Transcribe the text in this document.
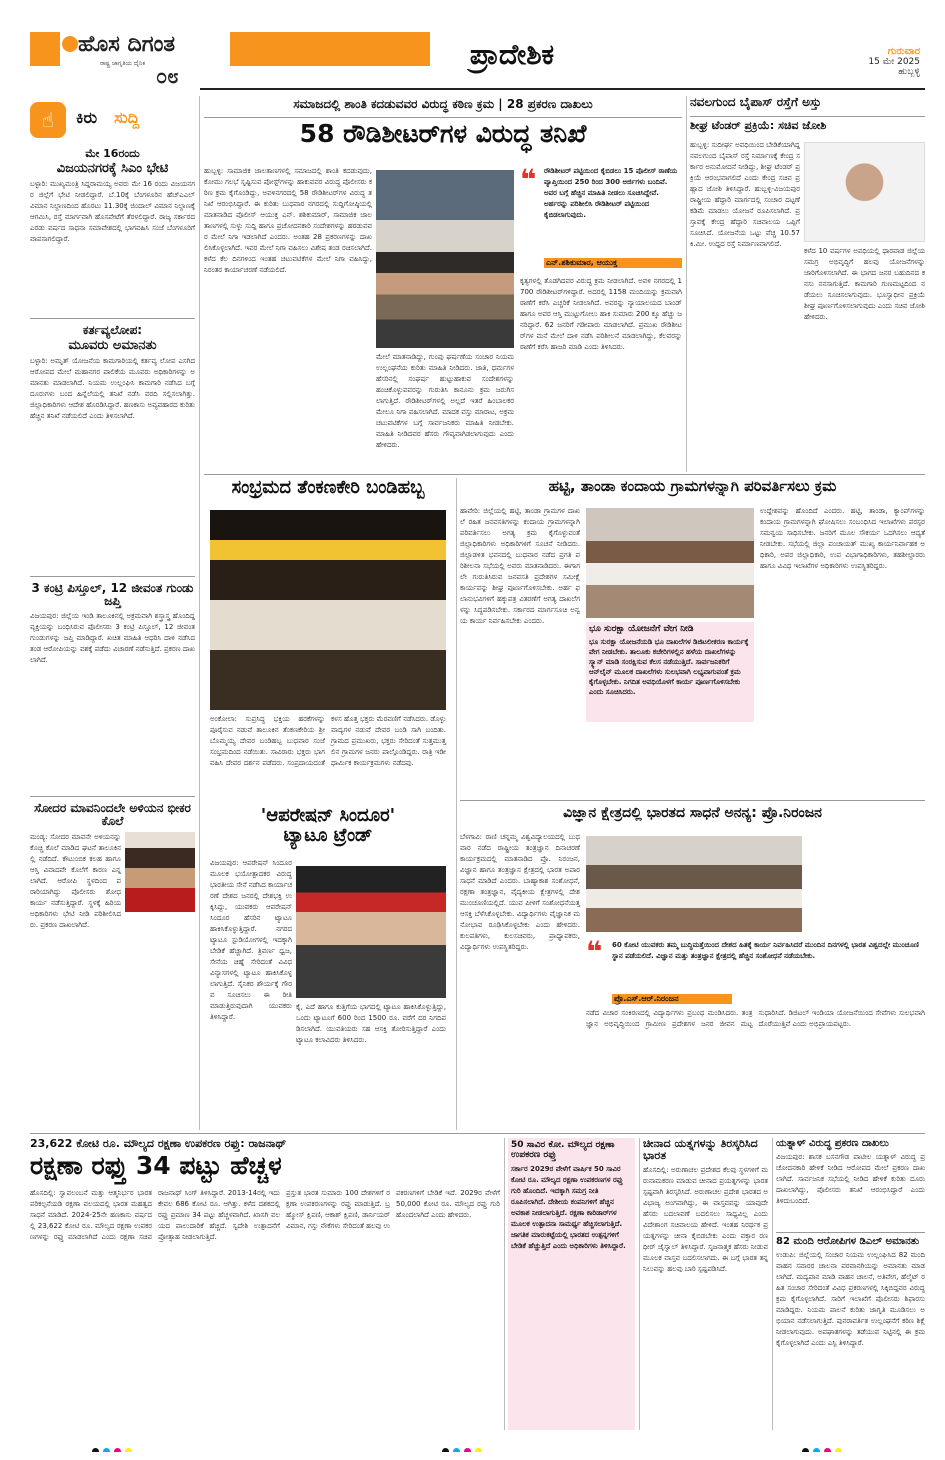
ಹೊಸ ದಿಗಂತ
ರಾಷ್ಟ್ರ ಜಾಗೃತಿಯ ದೈನಿಕ
೦೮
ಪ್ರಾದೇಶಿಕ	ಗುರುವಾರ
15 ಮೇ 2025
ಹುಬ್ಬಳ್ಳಿ
☝	ಕಿರು ಸುದ್ದಿ
ಮೇ 16ರಂದು
ವಿಜಯನಗರಕ್ಕೆ ಸಿಎಂ ಭೇಟಿ
ಬಳ್ಳಾರಿ: ಮುಖ್ಯಮಂತ್ರಿ ಸಿದ್ದರಾಮಯ್ಯ ಅವರು ಮೇ 16 ರಂದು ವಿಜಯನಗರ ಜಿಲ್ಲೆಗೆ ಭೇಟಿ ನೀಡಲಿದ್ದಾರೆ. ಬೆ.10ಕ್ಕೆ ಬೆಂಗಳೂರಿನ ಹೆಚ್‌ಎಎಲ್ ವಿಮಾನ ನಿಲ್ದಾಣದಿಂದ ಹೊರಟು 11.30ಕ್ಕೆ ಜಿಂದಾಲ್ ವಿಮಾನ ನಿಲ್ದಾಣಕ್ಕೆ ಆಗಮಿಸಿ, ರಸ್ತೆ ಮಾರ್ಗವಾಗಿ ಹೊಸಪೇಟೆಗೆ ತೆರಳಲಿದ್ದಾರೆ. ರಾಜ್ಯ ಸರ್ಕಾರದ ಎರಡು ವರ್ಷದ ಸಾಧನಾ ಸಮಾವೇಶದಲ್ಲಿ ಭಾಗವಹಿಸಿ ಸಂಜೆ ಬೆಂಗಳೂರಿಗೆ ವಾಪಸಾಗಲಿದ್ದಾರೆ.
ಕರ್ತವ್ಯಲೋಪ:
ಮೂವರು ಅಮಾನತು
ಬಳ್ಳಾರಿ: ಅಮೃತ್ ಯೋಜನೆಯ ಕಾಮಗಾರಿಯಲ್ಲಿ ಕರ್ತವ್ಯ ಲೋಪ ಎಸಗಿದ ಆರೋಪದ ಮೇಲೆ ಮಹಾನಗರ ಪಾಲಿಕೆಯ ಮೂವರು ಅಧಿಕಾರಿಗಳನ್ನು ಅಮಾನತು ಮಾಡಲಾಗಿದೆ. ನಿಯಮ ಉಲ್ಲಂಘಿಸಿ ಕಾಮಗಾರಿ ನಡೆಸಿದ ಬಗ್ಗೆ ದೂರುಗಳು ಬಂದ ಹಿನ್ನೆಲೆಯಲ್ಲಿ ತನಿಖೆ ನಡೆಸಿ ವರದಿ ಸಲ್ಲಿಸಲಾಗಿತ್ತು. ಜಿಲ್ಲಾಧಿಕಾರಿಗಳು ಆದೇಶ ಹೊರಡಿಸಿದ್ದಾರೆ. ಹಣಕಾಸು ಅವ್ಯವಹಾರದ ಕುರಿತು ಹೆಚ್ಚಿನ ತನಿಖೆ ನಡೆಯಲಿದೆ ಎಂದು ತಿಳಿಸಲಾಗಿದೆ.
3 ಕಂಟ್ರಿ ಪಿಸ್ತೂಲ್, 12 ಜೀವಂತ ಗುಂಡು ಜಪ್ತಿ
ವಿಜಯಪುರ: ಜಿಲ್ಲೆಯ ಇಂಡಿ ತಾಲೂಕಿನಲ್ಲಿ ಅಕ್ರಮವಾಗಿ ಶಸ್ತ್ರಾಸ್ತ್ರ ಹೊಂದಿದ್ದ ವ್ಯಕ್ತಿಯನ್ನು ಬಂಧಿಸಿರುವ ಪೊಲೀಸರು 3 ಕಂಟ್ರಿ ಪಿಸ್ತೂಲ್, 12 ಜೀವಂತ ಗುಂಡುಗಳನ್ನು ಜಪ್ತಿ ಮಾಡಿದ್ದಾರೆ. ಖಚಿತ ಮಾಹಿತಿ ಆಧರಿಸಿ ದಾಳಿ ನಡೆಸಿದ ತಂಡ ಆರೋಪಿಯನ್ನು ವಶಕ್ಕೆ ಪಡೆದು ವಿಚಾರಣೆ ನಡೆಸುತ್ತಿದೆ. ಪ್ರಕರಣ ದಾಖಲಾಗಿದೆ.
ಸೋದರ ಮಾವನಿಂದಲೇ ಅಳಿಯನ ಭೀಕರ ಕೊಲೆ
ಮಂಡ್ಯ: ಸೋದರ ಮಾವನೇ ಅಳಿಯನನ್ನು ಕೊಚ್ಚಿ ಕೊಲೆ ಮಾಡಿದ ಘಟನೆ ತಾಲೂಕಿನಲ್ಲಿ ನಡೆದಿದೆ. ಕೌಟುಂಬಿಕ ಕಲಹ ಹಾಗೂ ಆಸ್ತಿ ವಿವಾದವೇ ಕೊಲೆಗೆ ಕಾರಣ ಎನ್ನಲಾಗಿದೆ. ಆರೋಪಿ ಸ್ಥಳದಿಂದ ಪರಾರಿಯಾಗಿದ್ದು ಪೊಲೀಸರು ಶೋಧ ಕಾರ್ಯ ನಡೆಸುತ್ತಿದ್ದಾರೆ. ಸ್ಥಳಕ್ಕೆ ಹಿರಿಯ ಅಧಿಕಾರಿಗಳು ಭೇಟಿ ನೀಡಿ ಪರಿಶೀಲಿಸಿದರು. ಪ್ರಕರಣ ದಾಖಲಾಗಿದೆ.
ಸಮಾಜದಲ್ಲಿ ಶಾಂತಿ ಕದಡುವವರ ವಿರುದ್ಧ ಕಠಿಣ ಕ್ರಮ | 28 ಪ್ರಕರಣ ದಾಖಲು
58 ರೌಡಿಶೀಟರ್‌ಗಳ ವಿರುದ್ಧ ತನಿಖೆ
ಹುಬ್ಬಳ್ಳಿ: ಸಾಮಾಜಿಕ ಜಾಲತಾಣಗಳಲ್ಲಿ ಸಮಾಜದಲ್ಲಿ ಶಾಂತಿ ಕದಡುವುದು, ಕೋಮು ಗಲಭೆ ಸೃಷ್ಟಿಸುವ ಪೋಸ್ಟ್‌ಗಳನ್ನು ಹಾಕುವವರ ವಿರುದ್ಧ ಪೊಲೀಸರು ಕಠಿಣ ಕ್ರಮ ಕೈಗೊಂಡಿದ್ದು, ಅವಳಿನಗರದಲ್ಲಿ 58 ರೌಡಿಶೀಟರ್‌ಗಳ ವಿರುದ್ಧ ತನಿಖೆ ಆರಂಭಿಸಿದ್ದಾರೆ. ಈ ಕುರಿತು ಬುಧವಾರ ನಗರದಲ್ಲಿ ಸುದ್ದಿಗೋಷ್ಠಿಯಲ್ಲಿ ಮಾತನಾಡಿದ ಪೊಲೀಸ್ ಆಯುಕ್ತ ಎನ್. ಶಶಿಕುಮಾರ್, ಸಾಮಾಜಿಕ ಜಾಲತಾಣಗಳಲ್ಲಿ ಸುಳ್ಳು ಸುದ್ದಿ ಹಾಗೂ ಪ್ರಚೋದನಕಾರಿ ಸಂದೇಶಗಳನ್ನು ಹರಡುವವರ ಮೇಲೆ ನಿಗಾ ಇಡಲಾಗಿದೆ ಎಂದರು. ಅಂತಹ 28 ಪ್ರಕರಣಗಳನ್ನು ದಾಖಲಿಸಿಕೊಳ್ಳಲಾಗಿದೆ. ಇವರ ಮೇಲೆ ನಿಗಾ ವಹಿಸಲು ವಿಶೇಷ ತಂಡ ರಚಿಸಲಾಗಿದೆ. ಕಳೆದ ಕೆಲ ದಿನಗಳಿಂದ ಇಂತಹ ಚಟುವಟಿಕೆಗಳ ಮೇಲೆ ನಿಗಾ ವಹಿಸಿದ್ದು, ನಿರಂತರ ಕಾರ್ಯಾಚರಣೆ ನಡೆಯಲಿದೆ.
ಮೇಲೆ ಮಾತನಾಡಿದ್ದು, ಗುಂಪು ಘರ್ಷಣೆಯ ಸಂಚಾರ ನಿಯಮ ಉಲ್ಲಂಘನೆಯ ಕುರಿತು ಮಾಹಿತಿ ನೀಡಿದರು. ಜಾತಿ, ಧರ್ಮಗಳ ಹೆಸರಿನಲ್ಲಿ ಸಂಘರ್ಷ ಹುಟ್ಟುಹಾಕುವ ಸಂದೇಶಗಳನ್ನು ಹಂಚಿಕೊಳ್ಳುವವರನ್ನು ಗುರುತಿಸಿ ಕಾನೂನು ಕ್ರಮ ಜರುಗಿಸಲಾಗುತ್ತಿದೆ. ರೌಡಿಶೀಟರ್‌ಗಳಲ್ಲಿ ಅಲ್ಲದೆ ಇತರೆ ಹಿಂಬಾಲಕರ ಮೇಲೂ ನಿಗಾ ವಹಿಸಲಾಗಿದೆ. ಮಾದಕ ವಸ್ತು ಮಾರಾಟ, ಅಕ್ರಮ ಚಟುವಟಿಕೆಗಳ ಬಗ್ಗೆ ಸಾರ್ವಜನಿಕರು ಮಾಹಿತಿ ನೀಡಬೇಕು. ಮಾಹಿತಿ ನೀಡಿದವರ ಹೆಸರು ಗೌಪ್ಯವಾಗಿಡಲಾಗುವುದು ಎಂದು ಹೇಳಿದರು.
❝ ರೌಡಿಶೀಟರ್ ಪಟ್ಟಿಯಿಂದ ಕೈಬಿಡಲು 15 ಪೊಲೀಸ್ ಠಾಣೆಯ ವ್ಯಾಪ್ತಿಯಿಂದ 250 ರಿಂದ 300 ಅರ್ಜಿಗಳು ಬಂದಿವೆ. ಅವರ ಬಗ್ಗೆ ಹೆಚ್ಚಿನ ಮಾಹಿತಿ ನೀಡಲು ಸೂಚಿಸಿದ್ದೇವೆ. ಅರ್ಹರನ್ನು ಪರಿಶೀಲಿಸಿ ರೌಡಿಶೀಟರ್ ಪಟ್ಟಿಯಿಂದ ಕೈಬಿಡಲಾಗುವುದು.
ಎನ್.ಶಶಿಕುಮಾರ, ಆಯುಕ್ತ
ಕೃತ್ಯಗಳಲ್ಲಿ ತೊಡಗಿದವರ ವಿರುದ್ಧ ಕ್ರಮ ನೀಡಲಾಗಿದೆ. ಅವಳಿ ನಗರದಲ್ಲಿ 1700 ರೌಡಿಶೀಟರ್‌ಗಳಿದ್ದಾರೆ. ಅದರಲ್ಲಿ 1158 ಮಂದಿಯನ್ನು ಕ್ರಮವಾಗಿ ಠಾಣೆಗೆ ಕರೆಸಿ ಎಚ್ಚರಿಕೆ ನೀಡಲಾಗಿದೆ. ಅವರನ್ನು ನ್ಯಾಯಾಲಯದ ಬಾಂಡ್ ಹಾಗೂ ಅವರ ಆಸ್ತಿ ಮುಟ್ಟುಗೋಲು ಹಾಕಿ ಸುಮಾರು 200 ಕ್ಕೂ ಹೆಚ್ಚು ಜನರಿದ್ದಾರೆ. 62 ಜನರಿಗೆ ಗಡೀಪಾರು ಮಾಡಲಾಗಿದೆ. ಪ್ರಮುಖ ರೌಡಿಶೀಟರ್‌ಗಳ ಮನೆ ಮೇಲೆ ದಾಳಿ ನಡೆಸಿ ಪರಿಶೀಲನೆ ಮಾಡಲಾಗಿದ್ದು, ಕೆಲವರನ್ನು ಠಾಣೆಗೆ ಕರೆಸಿ ಹಾಜರಿ ಮಾಡಿ ಎಂದು ತಿಳಿಸಿದರು.
ನವಲಗುಂದ ಬೈಪಾಸ್ ರಸ್ತೆಗೆ ಅಸ್ತು
ಶೀಘ್ರ ಟೆಂಡರ್ ಪ್ರಕ್ರಿಯೆ: ಸಚಿವ ಜೋಶಿ
ಹುಬ್ಬಳ್ಳಿ: ಸುದೀರ್ಘ ಅವಧಿಯಿಂದ ಬೇಡಿಕೆಯಾಗಿದ್ದ ನವಲಗುಂದ ಬೈಪಾಸ್ ರಸ್ತೆ ನಿರ್ಮಾಣಕ್ಕೆ ಕೇಂದ್ರ ಸರ್ಕಾರ ಅನುಮೋದನೆ ನೀಡಿದ್ದು, ಶೀಘ್ರ ಟೆಂಡರ್ ಪ್ರಕ್ರಿಯೆ ಆರಂಭವಾಗಲಿದೆ ಎಂದು ಕೇಂದ್ರ ಸಚಿವ ಪ್ರಹ್ಲಾದ ಜೋಶಿ ತಿಳಿಸಿದ್ದಾರೆ. ಹುಬ್ಬಳ್ಳಿ-ವಿಜಯಪುರ ರಾಷ್ಟ್ರೀಯ ಹೆದ್ದಾರಿ ಮಾರ್ಗದಲ್ಲಿ ಸಂಚಾರ ದಟ್ಟಣೆ ಕಡಿಮೆ ಮಾಡಲು ಯೋಜನೆ ರೂಪಿಸಲಾಗಿದೆ. ಪ್ರಸ್ತಾವಕ್ಕೆ ಕೇಂದ್ರ ಹೆದ್ದಾರಿ ಸಚಿವಾಲಯ ಒಪ್ಪಿಗೆ ಸೂಚಿಸಿದೆ. ಯೋಜನೆಯ ಒಟ್ಟು ವೆಚ್ಚ 10.57 ಕಿ.ಮೀ. ಉದ್ದದ ರಸ್ತೆ ನಿರ್ಮಾಣವಾಗಲಿದೆ.
ಕಳೆದ 10 ವರ್ಷಗಳ ಅವಧಿಯಲ್ಲಿ ಧಾರವಾಡ ಜಿಲ್ಲೆಯ ಸಮಗ್ರ ಅಭಿವೃದ್ಧಿಗೆ ಹಲವು ಯೋಜನೆಗಳನ್ನು ಜಾರಿಗೊಳಿಸಲಾಗಿದೆ. ಈ ಭಾಗದ ಜನರ ಬಹುದಿನದ ಕನಸು ನನಸಾಗುತ್ತಿದೆ. ಕಾಮಗಾರಿ ಗುಣಮಟ್ಟದಿಂದ ನಡೆಯಲು ಸೂಚಿಸಲಾಗುವುದು. ಭೂಸ್ವಾಧೀನ ಪ್ರಕ್ರಿಯೆ ಶೀಘ್ರ ಪೂರ್ಣಗೊಳಿಸಲಾಗುವುದು ಎಂದು ಸಚಿವ ಜೋಶಿ ಹೇಳಿದರು.
ಸಂಭ್ರಮದ ತೆಂಕಣಕೇರಿ ಬಂಡಿಹಬ್ಬ
ಅಂಕೋಲಾ: ಸುಪ್ರಸಿದ್ಧ ಭಕ್ತಿಯ ಹರಕೆಗಳನ್ನು ಪೂರೈಸುವ ನಡುವೆ ತಾಲೂಕಿನ ತೆಂಕಣಕೇರಿಯ ಶ್ರೀ ಬೊಮ್ಮಯ್ಯ ದೇವರ ಬಂಡಿಹಬ್ಬ ಬುಧವಾರ ಸಂಜೆ ಸಂಭ್ರಮದಿಂದ ನಡೆಯಿತು. ಸಾವಿರಾರು ಭಕ್ತರು ಭಾಗವಹಿಸಿ ದೇವರ ದರ್ಶನ ಪಡೆದರು. ಸಂಪ್ರದಾಯದಂತೆ ಕಳಸ ಹೊತ್ತ ಭಕ್ತರು ಮೆರವಣಿಗೆ ನಡೆಸಿದರು. ಡೊಳ್ಳು ವಾದ್ಯಗಳ ನಡುವೆ ದೇವರ ಬಂಡಿ ಸಾಗಿ ಬಂದಿತು. ಗ್ರಾಮದ ಪ್ರಮುಖರು, ಭಕ್ತರು ಸೇರಿದಂತೆ ಸುತ್ತಮುತ್ತಲಿನ ಗ್ರಾಮಗಳ ಜನರು ಪಾಲ್ಗೊಂಡಿದ್ದರು. ರಾತ್ರಿ ಇಡೀ ಧಾರ್ಮಿಕ ಕಾರ್ಯಕ್ರಮಗಳು ನಡೆದವು.
ಹಟ್ಟಿ, ತಾಂಡಾ ಕಂದಾಯ ಗ್ರಾಮಗಳನ್ನಾಗಿ ಪರಿವರ್ತಿಸಲು ಕ್ರಮ
ಹಾವೇರಿ: ಜಿಲ್ಲೆಯಲ್ಲಿ ಹಟ್ಟಿ, ತಾಂಡಾ ಗ್ರಾಮಗಳ ದಾಖಲೆ ರಹಿತ ಜನವಸತಿಗಳನ್ನು ಕಂದಾಯ ಗ್ರಾಮಗಳನ್ನಾಗಿ ಪರಿವರ್ತಿಸಲು ಅಗತ್ಯ ಕ್ರಮ ಕೈಗೊಳ್ಳುವಂತೆ ಜಿಲ್ಲಾಧಿಕಾರಿಗಳು ಅಧಿಕಾರಿಗಳಿಗೆ ಸೂಚನೆ ನೀಡಿದರು. ಜಿಲ್ಲಾಡಳಿತ ಭವನದಲ್ಲಿ ಬುಧವಾರ ನಡೆದ ಪ್ರಗತಿ ಪರಿಶೀಲನಾ ಸಭೆಯಲ್ಲಿ ಅವರು ಮಾತನಾಡಿದರು. ಈಗಾಗಲೇ ಗುರುತಿಸಿರುವ ಜನವಸತಿ ಪ್ರದೇಶಗಳ ಸಮೀಕ್ಷೆ ಕಾರ್ಯವನ್ನು ಶೀಘ್ರ ಪೂರ್ಣಗೊಳಿಸಬೇಕು. ಅರ್ಹ ಫಲಾನುಭವಿಗಳಿಗೆ ಹಕ್ಕುಪತ್ರ ವಿತರಣೆಗೆ ಅಗತ್ಯ ದಾಖಲೆಗಳನ್ನು ಸಿದ್ಧಪಡಿಸಬೇಕು. ಸರ್ಕಾರದ ಮಾರ್ಗಸೂಚಿ ಅನ್ವಯ ಕಾರ್ಯ ನಿರ್ವಹಿಸಬೇಕು ಎಂದರು.
ಭೂ ಸುರಕ್ಷಾ ಯೋಜನೆಗೆ ವೇಗ ನೀಡಿ
ಭೂ ಸುರಕ್ಷಾ ಯೋಜನೆಯಡಿ ಭೂ ದಾಖಲೆಗಳ ಡಿಜಿಟಲೀಕರಣ ಕಾರ್ಯಕ್ಕೆ ವೇಗ ನೀಡಬೇಕು. ತಾಲೂಕು ಕಚೇರಿಗಳಲ್ಲಿನ ಹಳೆಯ ದಾಖಲೆಗಳನ್ನು ಸ್ಕ್ಯಾನ್ ಮಾಡಿ ಸಂರಕ್ಷಿಸುವ ಕೆಲಸ ನಡೆಯುತ್ತಿದೆ. ಸಾರ್ವಜನಿಕರಿಗೆ ಆನ್‌ಲೈನ್ ಮೂಲಕ ದಾಖಲೆಗಳು ಸುಲಭವಾಗಿ ಲಭ್ಯವಾಗುವಂತೆ ಕ್ರಮ ಕೈಗೊಳ್ಳಬೇಕು. ನಿಗದಿತ ಅವಧಿಯೊಳಗೆ ಕಾರ್ಯ ಪೂರ್ಣಗೊಳಿಸಬೇಕು ಎಂದು ಸೂಚಿಸಿದರು.
ಉದ್ದೇಶವನ್ನು ಹೊಂದಿದೆ ಎಂದರು. ಹಟ್ಟಿ, ತಾಂಡಾ, ಕ್ಯಾಂಪ್‌ಗಳನ್ನು ಕಂದಾಯ ಗ್ರಾಮಗಳನ್ನಾಗಿ ಘೋಷಿಸಲು ಸಂಬಂಧಿಸಿದ ಇಲಾಖೆಗಳು ಪರಸ್ಪರ ಸಮನ್ವಯ ಸಾಧಿಸಬೇಕು. ಜನರಿಗೆ ಮೂಲ ಸೌಕರ್ಯ ಒದಗಿಸಲು ಆದ್ಯತೆ ನೀಡಬೇಕು. ಸಭೆಯಲ್ಲಿ ಜಿಲ್ಲಾ ಪಂಚಾಯತ್ ಮುಖ್ಯ ಕಾರ್ಯನಿರ್ವಾಹಕ ಅಧಿಕಾರಿ, ಅಪರ ಜಿಲ್ಲಾಧಿಕಾರಿ, ಉಪ ವಿಭಾಗಾಧಿಕಾರಿಗಳು, ತಹಶೀಲ್ದಾರರು ಹಾಗೂ ವಿವಿಧ ಇಲಾಖೆಗಳ ಅಧಿಕಾರಿಗಳು ಉಪಸ್ಥಿತರಿದ್ದರು.
'ಆಪರೇಷನ್ ಸಿಂದೂರ'
ಟ್ಯಾಟೂ ಟ್ರೆಂಡ್
ವಿಜಯಪುರ: ಆಪರೇಷನ್ ಸಿಂದೂರ ಮೂಲಕ ಭಯೋತ್ಪಾದಕರ ವಿರುದ್ಧ ಭಾರತೀಯ ಸೇನೆ ನಡೆಸಿದ ಕಾರ್ಯಾಚರಣೆ ದೇಶದ ಜನರಲ್ಲಿ ದೇಶಭಕ್ತಿ ಉಕ್ಕಿಸಿದ್ದು, ಯುವಕರು ಆಪರೇಷನ್ ಸಿಂದೂರ ಹೆಸರಿನ ಟ್ಯಾಟೂ ಹಾಕಿಸಿಕೊಳ್ಳುತ್ತಿದ್ದಾರೆ. ನಗರದ ಟ್ಯಾಟೂ ಸ್ಟುಡಿಯೋಗಳಲ್ಲಿ ಇದಕ್ಕಾಗಿ ಬೇಡಿಕೆ ಹೆಚ್ಚಾಗಿದೆ. ತ್ರಿವರ್ಣ ಧ್ವಜ, ಸೇನೆಯ ಚಿಹ್ನೆ ಸೇರಿದಂತೆ ವಿವಿಧ ವಿನ್ಯಾಸಗಳಲ್ಲಿ ಟ್ಯಾಟೂ ಹಾಕಿಸಿಕೊಳ್ಳಲಾಗುತ್ತಿದೆ. ಸೈನಿಕರ ಶೌರ್ಯಕ್ಕೆ ಗೌರವ ಸೂಚಿಸಲು ಈ ರೀತಿ ಮಾಡುತ್ತಿರುವುದಾಗಿ ಯುವಕರು ತಿಳಿಸಿದ್ದಾರೆ.
ಕೈ, ಎದೆ ಹಾಗೂ ಕುತ್ತಿಗೆಯ ಭಾಗದಲ್ಲಿ ಟ್ಯಾಟೂ ಹಾಕಿಸಿಕೊಳ್ಳುತ್ತಿದ್ದು, ಒಂದು ಟ್ಯಾಟೂಗೆ 600 ರಿಂದ 1500 ರೂ. ವರೆಗೆ ದರ ನಿಗದಿಪಡಿಸಲಾಗಿದೆ. ಯುವತಿಯರು ಸಹ ಆಸಕ್ತಿ ತೋರಿಸುತ್ತಿದ್ದಾರೆ ಎಂದು ಟ್ಯಾಟೂ ಕಲಾವಿದರು ತಿಳಿಸಿದರು.
ವಿಜ್ಞಾನ ಕ್ಷೇತ್ರದಲ್ಲಿ ಭಾರತದ ಸಾಧನೆ ಅನನ್ಯ: ಪ್ರೊ.ನಿರಂಜನ
ಬೆಳಗಾವಿ: ರಾಣಿ ಚನ್ನಮ್ಮ ವಿಶ್ವವಿದ್ಯಾಲಯದಲ್ಲಿ ಬುಧವಾರ ನಡೆದ ರಾಷ್ಟ್ರೀಯ ತಂತ್ರಜ್ಞಾನ ದಿನಾಚರಣೆ ಕಾರ್ಯಕ್ರಮದಲ್ಲಿ ಮಾತನಾಡಿದ ಪ್ರೊ. ನಿರಂಜನ, ವಿಜ್ಞಾನ ಹಾಗೂ ತಂತ್ರಜ್ಞಾನ ಕ್ಷೇತ್ರದಲ್ಲಿ ಭಾರತ ಅಪಾರ ಸಾಧನೆ ಮಾಡಿದೆ ಎಂದರು. ಬಾಹ್ಯಾಕಾಶ ಸಂಶೋಧನೆ, ರಕ್ಷಣಾ ತಂತ್ರಜ್ಞಾನ, ವೈದ್ಯಕೀಯ ಕ್ಷೇತ್ರಗಳಲ್ಲಿ ದೇಶ ಮುಂಚೂಣಿಯಲ್ಲಿದೆ. ಯುವ ಪೀಳಿಗೆ ಸಂಶೋಧನೆಯತ್ತ ಆಸಕ್ತಿ ಬೆಳೆಸಿಕೊಳ್ಳಬೇಕು. ವಿದ್ಯಾರ್ಥಿಗಳು ವೈಜ್ಞಾನಿಕ ಮನೋಭಾವ ರೂಢಿಸಿಕೊಳ್ಳಬೇಕು ಎಂದು ಹೇಳಿದರು. ಕುಲಪತಿಗಳು, ಕುಲಸಚಿವರು, ಪ್ರಾಧ್ಯಾಪಕರು, ವಿದ್ಯಾರ್ಥಿಗಳು ಉಪಸ್ಥಿತರಿದ್ದರು.	❝ 60 ಕೋಟಿ ಯುವಕರು ತಮ್ಮ ಬುದ್ಧಿಮತ್ತೆಯಿಂದ ದೇಶದ ಹಿತಕ್ಕೆ ಕಾರ್ಯ ನಿರ್ವಹಿಸಿದರೆ ಮುಂದಿನ ದಿನಗಳಲ್ಲಿ ಭಾರತ ವಿಶ್ವದಲ್ಲೇ ಮುಂಚೂಣಿ ಸ್ಥಾನ ಪಡೆಯಲಿದೆ. ವಿಜ್ಞಾನ ಮತ್ತು ತಂತ್ರಜ್ಞಾನ ಕ್ಷೇತ್ರದಲ್ಲಿ ಹೆಚ್ಚಿನ ಸಂಶೋಧನೆ ನಡೆಯಬೇಕು.
ಪ್ರೊ.ಎಸ್.ಆರ್.ನಿರಂಜನ
ನಡೆದ ವಿಚಾರ ಸಂಕಿರಣದಲ್ಲಿ ವಿದ್ಯಾರ್ಥಿಗಳು ಪ್ರಬಂಧ ಮಂಡಿಸಿದರು. ತಂತ್ರಜ್ಞಾನ ಅಭಿವೃದ್ಧಿಯಿಂದ ಗ್ರಾಮೀಣ ಪ್ರದೇಶಗಳ ಜನರ ಜೀವನ ಮಟ್ಟ ಸುಧಾರಿಸಿದೆ. ಡಿಜಿಟಲ್ ಇಂಡಿಯಾ ಯೋಜನೆಯಿಂದ ಸೇವೆಗಳು ಸುಲಭವಾಗಿ ದೊರೆಯುತ್ತಿವೆ ಎಂದು ಅಭಿಪ್ರಾಯಪಟ್ಟರು.
23,622 ಕೋಟಿ ರೂ. ಮೌಲ್ಯದ ರಕ್ಷಣಾ ಉಪಕರಣ ರಫ್ತು: ರಾಜನಾಥ್
ರಕ್ಷಣಾ ರಫ್ತು 34 ಪಟ್ಟು ಹೆಚ್ಚಳ
ಹೊಸದಿಲ್ಲಿ: ಸ್ವಾವಲಂಬನೆ ಮತ್ತು ಆತ್ಮನಿರ್ಭರ ಭಾರತ ಪರಿಕಲ್ಪನೆಯಡಿ ರಕ್ಷಣಾ ವಲಯದಲ್ಲಿ ಭಾರತ ಮಹತ್ವದ ಸಾಧನೆ ಮಾಡಿದೆ. 2024-25ನೇ ಹಣಕಾಸು ವರ್ಷದಲ್ಲಿ 23,622 ಕೋಟಿ ರೂ. ಮೌಲ್ಯದ ರಕ್ಷಣಾ ಉಪಕರಣಗಳನ್ನು ರಫ್ತು ಮಾಡಲಾಗಿದೆ ಎಂದು ರಕ್ಷಣಾ ಸಚಿವ ರಾಜನಾಥ್ ಸಿಂಗ್ ತಿಳಿಸಿದ್ದಾರೆ. 2013-14ರಲ್ಲಿ ಇದು ಕೇವಲ 686 ಕೋಟಿ ರೂ. ಆಗಿತ್ತು. ಕಳೆದ ದಶಕದಲ್ಲಿ ರಫ್ತು ಪ್ರಮಾಣ 34 ಪಟ್ಟು ಹೆಚ್ಚಳವಾಗಿದೆ. ಖಾಸಗಿ ವಲಯದ ಪಾಲುದಾರಿಕೆ ಹೆಚ್ಚಿದೆ. ಸ್ವದೇಶಿ ಉತ್ಪಾದನೆಗೆ ಪ್ರೋತ್ಸಾಹ ನೀಡಲಾಗುತ್ತಿದೆ.
ಪ್ರಸ್ತುತ ಭಾರತ ಸುಮಾರು 100 ದೇಶಗಳಿಗೆ ರಕ್ಷಣಾ ಉಪಕರಣಗಳನ್ನು ರಫ್ತು ಮಾಡುತ್ತಿದೆ. ಬ್ರಹ್ಮೋಸ್ ಕ್ಷಿಪಣಿ, ಆಕಾಶ್ ಕ್ಷಿಪಣಿ, ಡಾರ್ನಿಯರ್ ವಿಮಾನ, ಗಸ್ತು ನೌಕೆಗಳು ಸೇರಿದಂತೆ ಹಲವು ಉಪಕರಣಗಳಿಗೆ ಬೇಡಿಕೆ ಇದೆ. 2029ರ ವೇಳೆಗೆ 50,000 ಕೋಟಿ ರೂ. ಮೌಲ್ಯದ ರಫ್ತು ಗುರಿ ಹೊಂದಲಾಗಿದೆ ಎಂದು ಹೇಳಿದರು.
50 ಸಾವಿರ ಕೋ. ಮೌಲ್ಯದ ರಕ್ಷಣಾ ಉಪಕರಣ ರಫ್ತು
ಸರ್ಕಾರ 2029ರ ವೇಳೆಗೆ ವಾರ್ಷಿಕ 50 ಸಾವಿರ ಕೋಟಿ ರೂ. ಮೌಲ್ಯದ ರಕ್ಷಣಾ ಉಪಕರಣಗಳ ರಫ್ತು ಗುರಿ ಹೊಂದಿದೆ. ಇದಕ್ಕಾಗಿ ಸಮಗ್ರ ನೀತಿ ರೂಪಿಸಲಾಗಿದೆ. ದೇಶೀಯ ಕಂಪನಿಗಳಿಗೆ ಹೆಚ್ಚಿನ ಅವಕಾಶ ನೀಡಲಾಗುತ್ತಿದೆ. ರಕ್ಷಣಾ ಕಾರಿಡಾರ್‌ಗಳ ಮೂಲಕ ಉತ್ಪಾದನಾ ಸಾಮರ್ಥ್ಯ ಹೆಚ್ಚಿಸಲಾಗುತ್ತಿದೆ. ಜಾಗತಿಕ ಮಾರುಕಟ್ಟೆಯಲ್ಲಿ ಭಾರತದ ಉತ್ಪನ್ನಗಳಿಗೆ ಬೇಡಿಕೆ ಹೆಚ್ಚುತ್ತಿದೆ ಎಂದು ಅಧಿಕಾರಿಗಳು ತಿಳಿಸಿದ್ದಾರೆ.
ಚೀನಾದ ಯತ್ನಗಳನ್ನು ತಿರಸ್ಕರಿಸಿದ ಭಾರತ
ಹೊಸದಿಲ್ಲಿ: ಅರುಣಾಚಲ ಪ್ರದೇಶದ ಕೆಲವು ಸ್ಥಳಗಳಿಗೆ ಮರುನಾಮಕರಣ ಮಾಡುವ ಚೀನಾದ ಪ್ರಯತ್ನಗಳನ್ನು ಭಾರತ ಸ್ಪಷ್ಟವಾಗಿ ತಿರಸ್ಕರಿಸಿದೆ. ಅರುಣಾಚಲ ಪ್ರದೇಶ ಭಾರತದ ಅವಿಭಾಜ್ಯ ಅಂಗವಾಗಿದ್ದು, ಈ ವಾಸ್ತವವನ್ನು ಯಾವುದೇ ಹೆಸರು ಬದಲಾವಣೆ ಬದಲಿಸಲು ಸಾಧ್ಯವಿಲ್ಲ ಎಂದು ವಿದೇಶಾಂಗ ಸಚಿವಾಲಯ ಹೇಳಿದೆ. ಇಂತಹ ನಿರರ್ಥಕ ಪ್ರಯತ್ನಗಳನ್ನು ಚೀನಾ ಕೈಬಿಡಬೇಕು ಎಂದು ವಕ್ತಾರ ರಣಧೀರ್ ಜೈಸ್ವಾಲ್ ತಿಳಿಸಿದ್ದಾರೆ. ಸೃಜನಾತ್ಮಕ ಹೆಸರು ನೀಡುವ ಮೂಲಕ ವಾಸ್ತವ ಬದಲಿಸಲಾಗದು. ಈ ಬಗ್ಗೆ ಭಾರತ ತನ್ನ ನಿಲುವನ್ನು ಹಲವು ಬಾರಿ ಸ್ಪಷ್ಟಪಡಿಸಿದೆ.
ಯತ್ನಾಳ್ ವಿರುದ್ಧ ಪ್ರಕರಣ ದಾಖಲು
ವಿಜಯಪುರ: ಶಾಸಕ ಬಸನಗೌಡ ಪಾಟೀಲ ಯತ್ನಾಳ್ ವಿರುದ್ಧ ಪ್ರಚೋದನಕಾರಿ ಹೇಳಿಕೆ ನೀಡಿದ ಆರೋಪದ ಮೇಲೆ ಪ್ರಕರಣ ದಾಖಲಾಗಿದೆ. ಸಾರ್ವಜನಿಕ ಸಭೆಯಲ್ಲಿ ನೀಡಿದ ಹೇಳಿಕೆ ಕುರಿತು ದೂರು ದಾಖಲಾಗಿದ್ದು, ಪೊಲೀಸರು ತನಿಖೆ ಆರಂಭಿಸಿದ್ದಾರೆ ಎಂದು ತಿಳಿದುಬಂದಿದೆ.
82 ಮಂದಿ ಆರೋಪಿಗಳ ಡಿಎಲ್ ಅಮಾನತು
ಉಡುಪಿ: ಜಿಲ್ಲೆಯಲ್ಲಿ ಸಂಚಾರ ನಿಯಮ ಉಲ್ಲಂಘಿಸಿದ 82 ಮಂದಿ ವಾಹನ ಸವಾರರ ಚಾಲನಾ ಪರವಾನಗಿಯನ್ನು ಅಮಾನತು ಮಾಡಲಾಗಿದೆ. ಮದ್ಯಪಾನ ಮಾಡಿ ವಾಹನ ಚಾಲನೆ, ಅತಿವೇಗ, ಹೆಲ್ಮೆಟ್ ರಹಿತ ಸಂಚಾರ ಸೇರಿದಂತೆ ವಿವಿಧ ಪ್ರಕರಣಗಳಲ್ಲಿ ಸಿಕ್ಕಿಬಿದ್ದವರ ವಿರುದ್ಧ ಕ್ರಮ ಕೈಗೊಳ್ಳಲಾಗಿದೆ. ಸಾರಿಗೆ ಇಲಾಖೆಗೆ ಪೊಲೀಸರು ಶಿಫಾರಸು ಮಾಡಿದ್ದರು. ನಿಯಮ ಪಾಲನೆ ಕುರಿತು ಜಾಗೃತಿ ಮೂಡಿಸಲು ಅಭಿಯಾನ ನಡೆಸಲಾಗುತ್ತಿದೆ. ಪುನರಾವರ್ತಿತ ಉಲ್ಲಂಘನೆಗೆ ಕಠಿಣ ಶಿಕ್ಷೆ ನೀಡಲಾಗುವುದು. ಅಪಘಾತಗಳನ್ನು ತಡೆಯುವ ನಿಟ್ಟಿನಲ್ಲಿ ಈ ಕ್ರಮ ಕೈಗೊಳ್ಳಲಾಗಿದೆ ಎಂದು ಎಸ್ಪಿ ತಿಳಿಸಿದ್ದಾರೆ.
